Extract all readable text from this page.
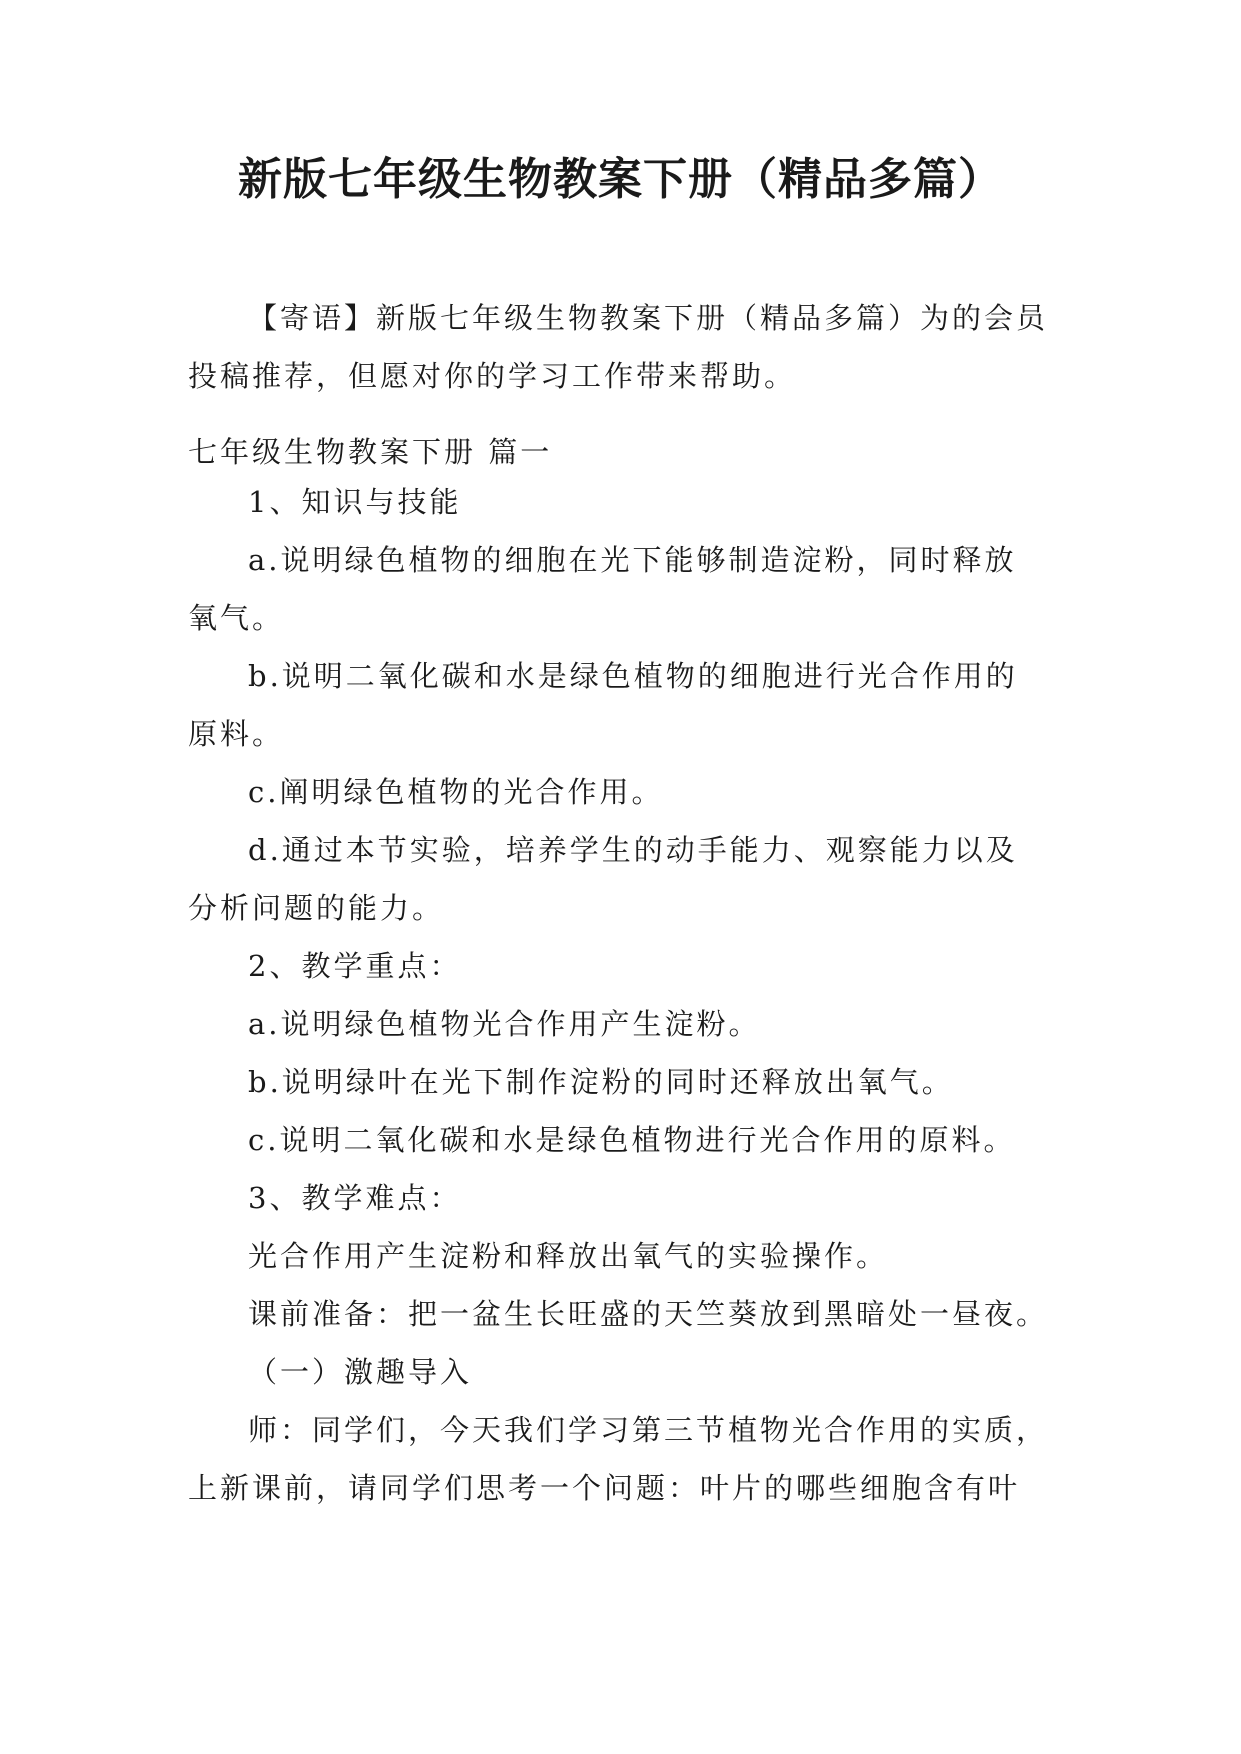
新版七年级生物教案下册（精品多篇）

【寄语】新版七年级生物教案下册（精品多篇）为的会员投稿推荐，但愿对你的学习工作带来帮助。

七年级生物教案下册 篇一

1、知识与技能

a.说明绿色植物的细胞在光下能够制造淀粉，同时释放氧气。

b.说明二氧化碳和水是绿色植物的细胞进行光合作用的原料。

c.阐明绿色植物的光合作用。

d.通过本节实验，培养学生的动手能力、观察能力以及分析问题的能力。

2、教学重点：

a.说明绿色植物光合作用产生淀粉。

b.说明绿叶在光下制作淀粉的同时还释放出氧气。

c.说明二氧化碳和水是绿色植物进行光合作用的原料。

3、教学难点：

光合作用产生淀粉和释放出氧气的实验操作。

课前准备：把一盆生长旺盛的天竺葵放到黑暗处一昼夜。

（一）激趣导入

师：同学们，今天我们学习第三节植物光合作用的实质，上新课前，请同学们思考一个问题：叶片的哪些细胞含有叶
